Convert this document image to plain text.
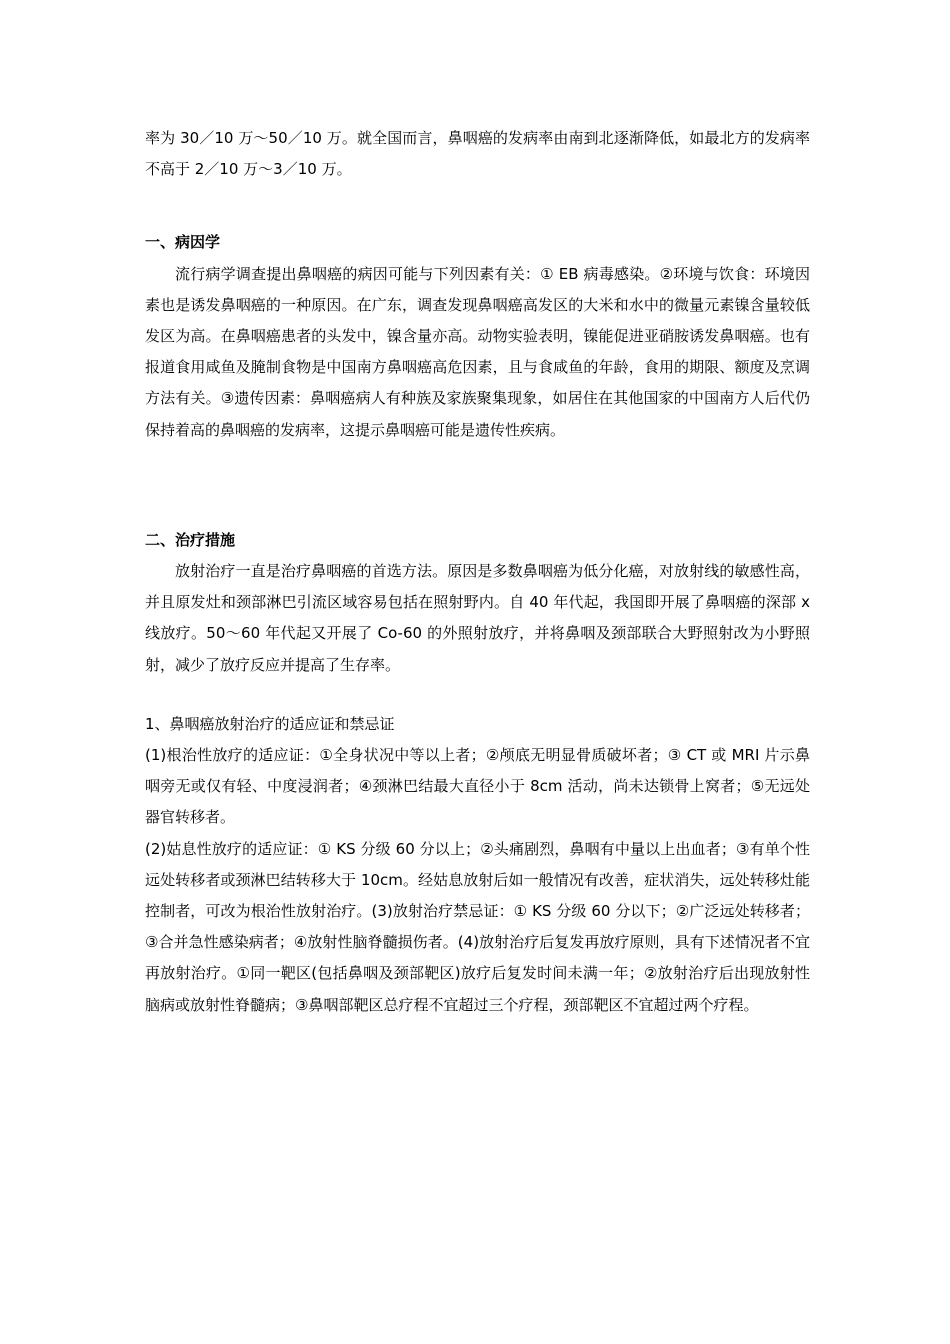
率为 30／10 万～50／10 万。就全国而言，鼻咽癌的发病率由南到北逐渐降低，如最北方的发病率不高于 2／10 万～3／10 万。

一、病因学

流行病学调查提出鼻咽癌的病因可能与下列因素有关：① EB 病毒感染。②环境与饮食：环境因素也是诱发鼻咽癌的一种原因。在广东，调查发现鼻咽癌高发区的大米和水中的微量元素镍含量较低发区为高。在鼻咽癌患者的头发中，镍含量亦高。动物实验表明，镍能促进亚硝胺诱发鼻咽癌。也有报道食用咸鱼及腌制食物是中国南方鼻咽癌高危因素，且与食咸鱼的年龄，食用的期限、额度及烹调方法有关。③遗传因素：鼻咽癌病人有种族及家族聚集现象，如居住在其他国家的中国南方人后代仍保持着高的鼻咽癌的发病率，这提示鼻咽癌可能是遗传性疾病。

二、治疗措施

放射治疗一直是治疗鼻咽癌的首选方法。原因是多数鼻咽癌为低分化癌，对放射线的敏感性高，并且原发灶和颈部淋巴引流区域容易包括在照射野内。自 40 年代起，我国即开展了鼻咽癌的深部 x 线放疗。50～60 年代起又开展了 Co-60 的外照射放疗，并将鼻咽及颈部联合大野照射改为小野照射，减少了放疗反应并提高了生存率。

1、鼻咽癌放射治疗的适应证和禁忌证

(1)根治性放疗的适应证：①全身状况中等以上者；②颅底无明显骨质破坏者；③ CT 或 MRI 片示鼻咽旁无或仅有轻、中度浸润者；④颈淋巴结最大直径小于 8cm 活动，尚未达锁骨上窝者；⑤无远处器官转移者。

(2)姑息性放疗的适应证：① KS 分级 60 分以上；②头痛剧烈，鼻咽有中量以上出血者；③有单个性远处转移者或颈淋巴结转移大于 10cm。经姑息放射后如一般情况有改善，症状消失，远处转移灶能控制者，可改为根治性放射治疗。(3)放射治疗禁忌证：① KS 分级 60 分以下；②广泛远处转移者；③合并急性感染病者；④放射性脑脊髓损伤者。(4)放射治疗后复发再放疗原则，具有下述情况者不宜再放射治疗。①同一靶区(包括鼻咽及颈部靶区)放疗后复发时间未满一年；②放射治疗后出现放射性脑病或放射性脊髓病；③鼻咽部靶区总疗程不宜超过三个疗程，颈部靶区不宜超过两个疗程。
